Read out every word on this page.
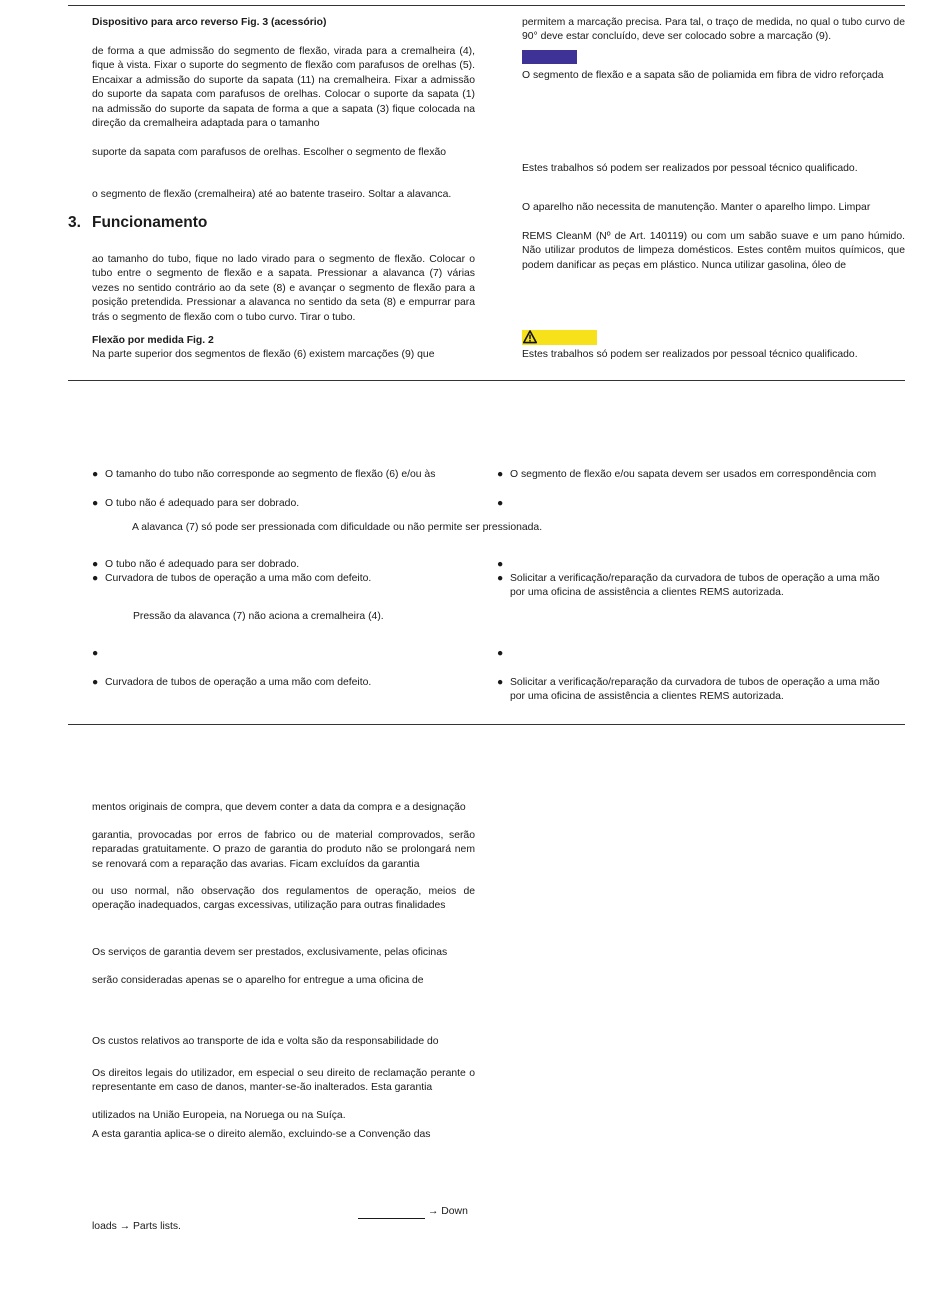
Dispositivo para arco reverso Fig. 3 (acessório)
de forma a que admissão do segmento de flexão, virada para a cremalheira (4), fique à vista. Fixar o suporte do segmento de flexão com parafusos de orelhas (5). Encaixar a admissão do suporte da sapata (11) na cremalheira. Fixar a admissão do suporte da sapata com parafusos de orelhas. Colocar o suporte da sapata (1) na admissão do suporte da sapata de forma a que a sapata (3) fique colocada na direção da cremalheira adaptada para o tamanho
suporte da sapata com parafusos de orelhas. Escolher o segmento de flexão
o segmento de flexão (cremalheira) até ao batente traseiro. Soltar a alavanca.
3. Funcionamento
ao tamanho do tubo, fique no lado virado para o segmento de flexão. Colocar o tubo entre o segmento de flexão e a sapata. Pressionar a alavanca (7) várias vezes no sentido contrário ao da sete (8) e avançar o segmento de flexão para a posição pretendida. Pressionar a alavanca no sentido da seta (8) e empurrar para trás o segmento de flexão com o tubo curvo. Tirar o tubo.
Flexão por medida Fig. 2
Na parte superior dos segmentos de flexão (6) existem marcações (9) que
permitem a marcação precisa. Para tal, o traço de medida, no qual o tubo curvo de 90° deve estar concluído, deve ser colocado sobre a marcação (9).
O segmento de flexão e a sapata são de poliamida em fibra de vidro reforçada
Estes trabalhos só podem ser realizados por pessoal técnico qualificado.
O aparelho não necessita de manutenção. Manter o aparelho limpo. Limpar
REMS CleanM (Nº de Art. 140119) ou com um sabão suave e um pano húmido. Não utilizar produtos de limpeza domésticos. Estes contêm muitos químicos, que podem danificar as peças em plástico. Nunca utilizar gasolina, óleo de
Estes trabalhos só podem ser realizados por pessoal técnico qualificado.
● O tamanho do tubo não corresponde ao segmento de flexão (6) e/ou às	● O segmento de flexão e/ou sapata devem ser usados em correspondência com
● O tubo não é adequado para ser dobrado.	●
A alavanca (7) só pode ser pressionada com dificuldade ou não permite ser pressionada.
● O tubo não é adequado para ser dobrado.	●
● Curvadora de tubos de operação a uma mão com defeito.	● Solicitar a verificação/reparação da curvadora de tubos de operação a uma mão por uma oficina de assistência a clientes REMS autorizada.
Pressão da alavanca (7) não aciona a cremalheira (4).
●	●
● Curvadora de tubos de operação a uma mão com defeito.	● Solicitar a verificação/reparação da curvadora de tubos de operação a uma mão por uma oficina de assistência a clientes REMS autorizada.
mentos originais de compra, que devem conter a data da compra e a designação
garantia, provocadas por erros de fabrico ou de material comprovados, serão reparadas gratuitamente. O prazo de garantia do produto não se prolongará nem se renovará com a reparação das avarias. Ficam excluídos da garantia
ou uso normal, não observação dos regulamentos de operação, meios de operação inadequados, cargas excessivas, utilização para outras finalidades
Os serviços de garantia devem ser prestados, exclusivamente, pelas oficinas
serão consideradas apenas se o aparelho for entregue a uma oficina de
Os custos relativos ao transporte de ida e volta são da responsabilidade do
Os direitos legais do utilizador, em especial o seu direito de reclamação perante o representante em caso de danos, manter-se-ão inalterados. Esta garantia
utilizados na União Europeia, na Noruega ou na Suíça.
A esta garantia aplica-se o direito alemão, excluindo-se a Convenção das
→ Down
loads → Parts lists.
